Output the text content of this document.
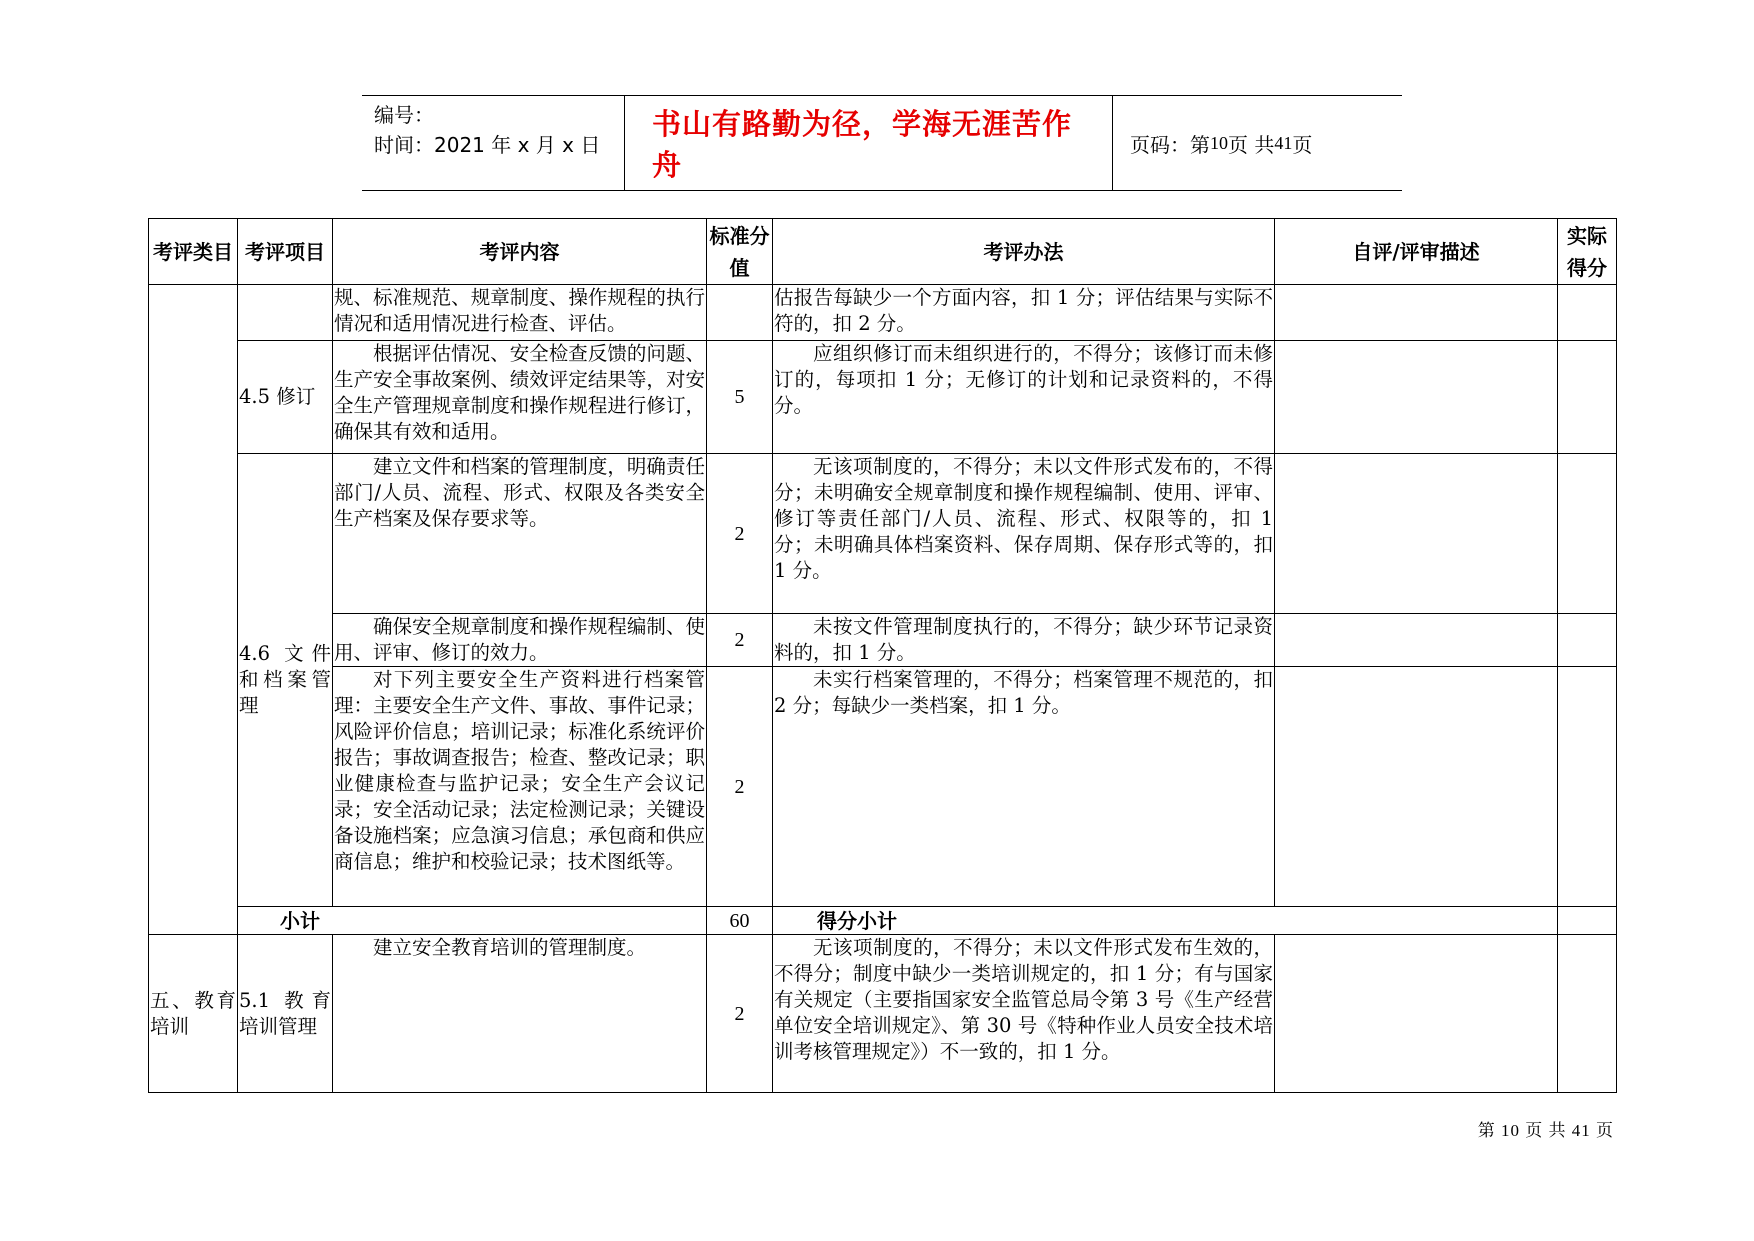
编号：
时间：2021 年 x 月 x 日
书山有路勤为径，学海无涯苦作舟
页码：第 10 页 共 41 页
考评类目	考评项目	考评内容	标准分值	考评办法	自评/评审描述	实际得分
		规、标准规范、规章制度、操作规程的执行情况和适用情况进行检查、评估。		估报告每缺少一个方面内容，扣 1 分；评估结果与实际不符的，扣 2 分。		
	4.5 修订	根据评估情况、安全检查反馈的问题、生产安全事故案例、绩效评定结果等，对安全生产管理规章制度和操作规程进行修订，确保其有效和适用。	5	应组织修订而未组织进行的，不得分；该修订而未修订的，每项扣 1 分；无修订的计划和记录资料的，不得分。		
	4.6 文件和档案管理	建立文件和档案的管理制度，明确责任部门/人员、流程、形式、权限及各类安全生产档案及保存要求等。	2	无该项制度的，不得分；未以文件形式发布的，不得分；未明确安全规章制度和操作规程编制、使用、评审、修订等责任部门/人员、流程、形式、权限等的，扣 1 分；未明确具体档案资料、保存周期、保存形式等的，扣 1 分。		
		确保安全规章制度和操作规程编制、使用、评审、修订的效力。	2	未按文件管理制度执行的，不得分；缺少环节记录资料的，扣 1 分。		
		对下列主要安全生产资料进行档案管理：主要安全生产文件、事故、事件记录；风险评价信息；培训记录；标准化系统评价报告；事故调查报告；检查、整改记录；职业健康检查与监护记录；安全生产会议记录；安全活动记录；法定检测记录；关键设备设施档案；应急演习信息；承包商和供应商信息；维护和校验记录；技术图纸等。	2	未实行档案管理的，不得分；档案管理不规范的，扣 2 分；每缺少一类档案，扣 1 分。		
	小计		60	得分小计		
五、教育培训	5.1 教育培训管理	建立安全教育培训的管理制度。	2	无该项制度的，不得分；未以文件形式发布生效的，不得分；制度中缺少一类培训规定的，扣 1 分；有与国家有关规定（主要指国家安全监管总局令第 3 号《生产经营单位安全培训规定》、第 30 号《特种作业人员安全技术培训考核管理规定》）不一致的，扣 1 分。		
第 10 页 共 41 页
